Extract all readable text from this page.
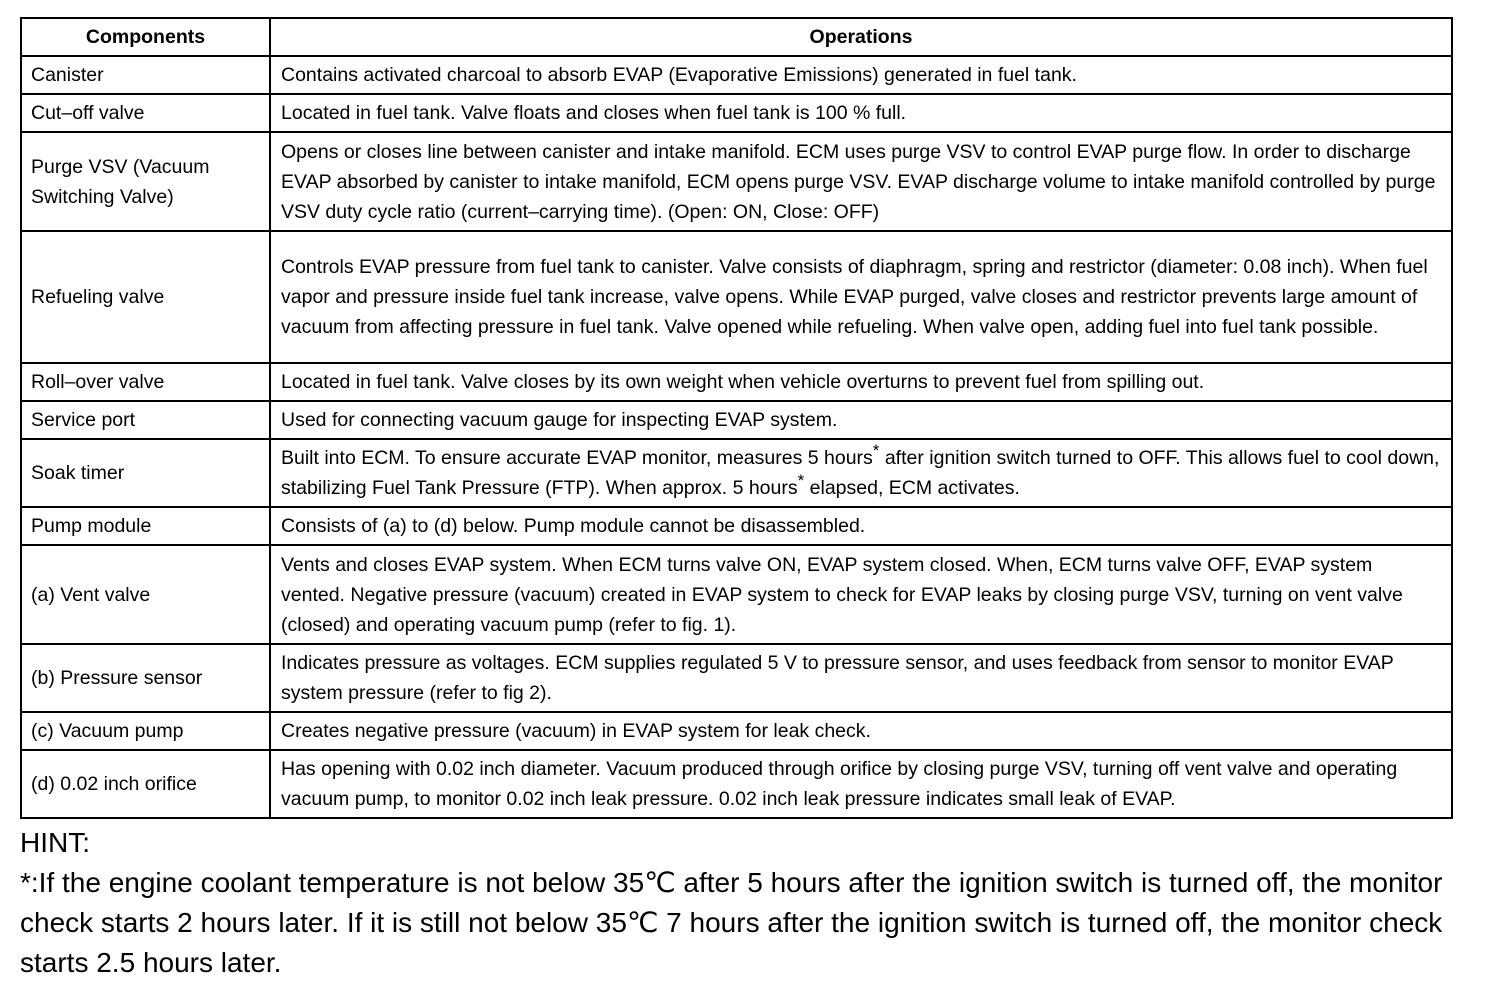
Components	Operations
Canister	Contains activated charcoal to absorb EVAP (Evaporative Emissions) generated in fuel tank.
Cut–off valve	Located in fuel tank. Valve floats and closes when fuel tank is 100 % full.
Purge VSV (Vacuum Switching Valve)	Opens or closes line between canister and intake manifold. ECM uses purge VSV to control EVAP purge flow. In order to discharge EVAP absorbed by canister to intake manifold, ECM opens purge VSV. EVAP discharge volume to intake manifold controlled by purge VSV duty cycle ratio (current–carrying time). (Open: ON, Close: OFF)
Refueling valve	Controls EVAP pressure from fuel tank to canister. Valve consists of diaphragm, spring and restrictor (diameter: 0.08 inch). When fuel vapor and pressure inside fuel tank increase, valve opens. While EVAP purged, valve closes and restrictor prevents large amount of vacuum from affecting pressure in fuel tank. Valve opened while refueling. When valve open, adding fuel into fuel tank possible.
Roll–over valve	Located in fuel tank. Valve closes by its own weight when vehicle overturns to prevent fuel from spilling out.
Service port	Used for connecting vacuum gauge for inspecting EVAP system.
Soak timer	Built into ECM. To ensure accurate EVAP monitor, measures 5 hours* after ignition switch turned to OFF. This allows fuel to cool down, stabilizing Fuel Tank Pressure (FTP). When approx. 5 hours* elapsed, ECM activates.
Pump module	Consists of (a) to (d) below. Pump module cannot be disassembled.
(a) Vent valve	Vents and closes EVAP system. When ECM turns valve ON, EVAP system closed. When, ECM turns valve OFF, EVAP system vented. Negative pressure (vacuum) created in EVAP system to check for EVAP leaks by closing purge VSV, turning on vent valve (closed) and operating vacuum pump (refer to fig. 1).
(b) Pressure sensor	Indicates pressure as voltages. ECM supplies regulated 5 V to pressure sensor, and uses feedback from sensor to monitor EVAP system pressure (refer to fig 2).
(c) Vacuum pump	Creates negative pressure (vacuum) in EVAP system for leak check.
(d) 0.02 inch orifice	Has opening with 0.02 inch diameter. Vacuum produced through orifice by closing purge VSV, turning off vent valve and operating vacuum pump, to monitor 0.02 inch leak pressure. 0.02 inch leak pressure indicates small leak of EVAP.

HINT:

*:If the engine coolant temperature is not below 35℃ after 5 hours after the ignition switch is turned off, the monitor check starts 2 hours later. If it is still not below 35℃ 7 hours after the ignition switch is turned off, the monitor check starts 2.5 hours later.
